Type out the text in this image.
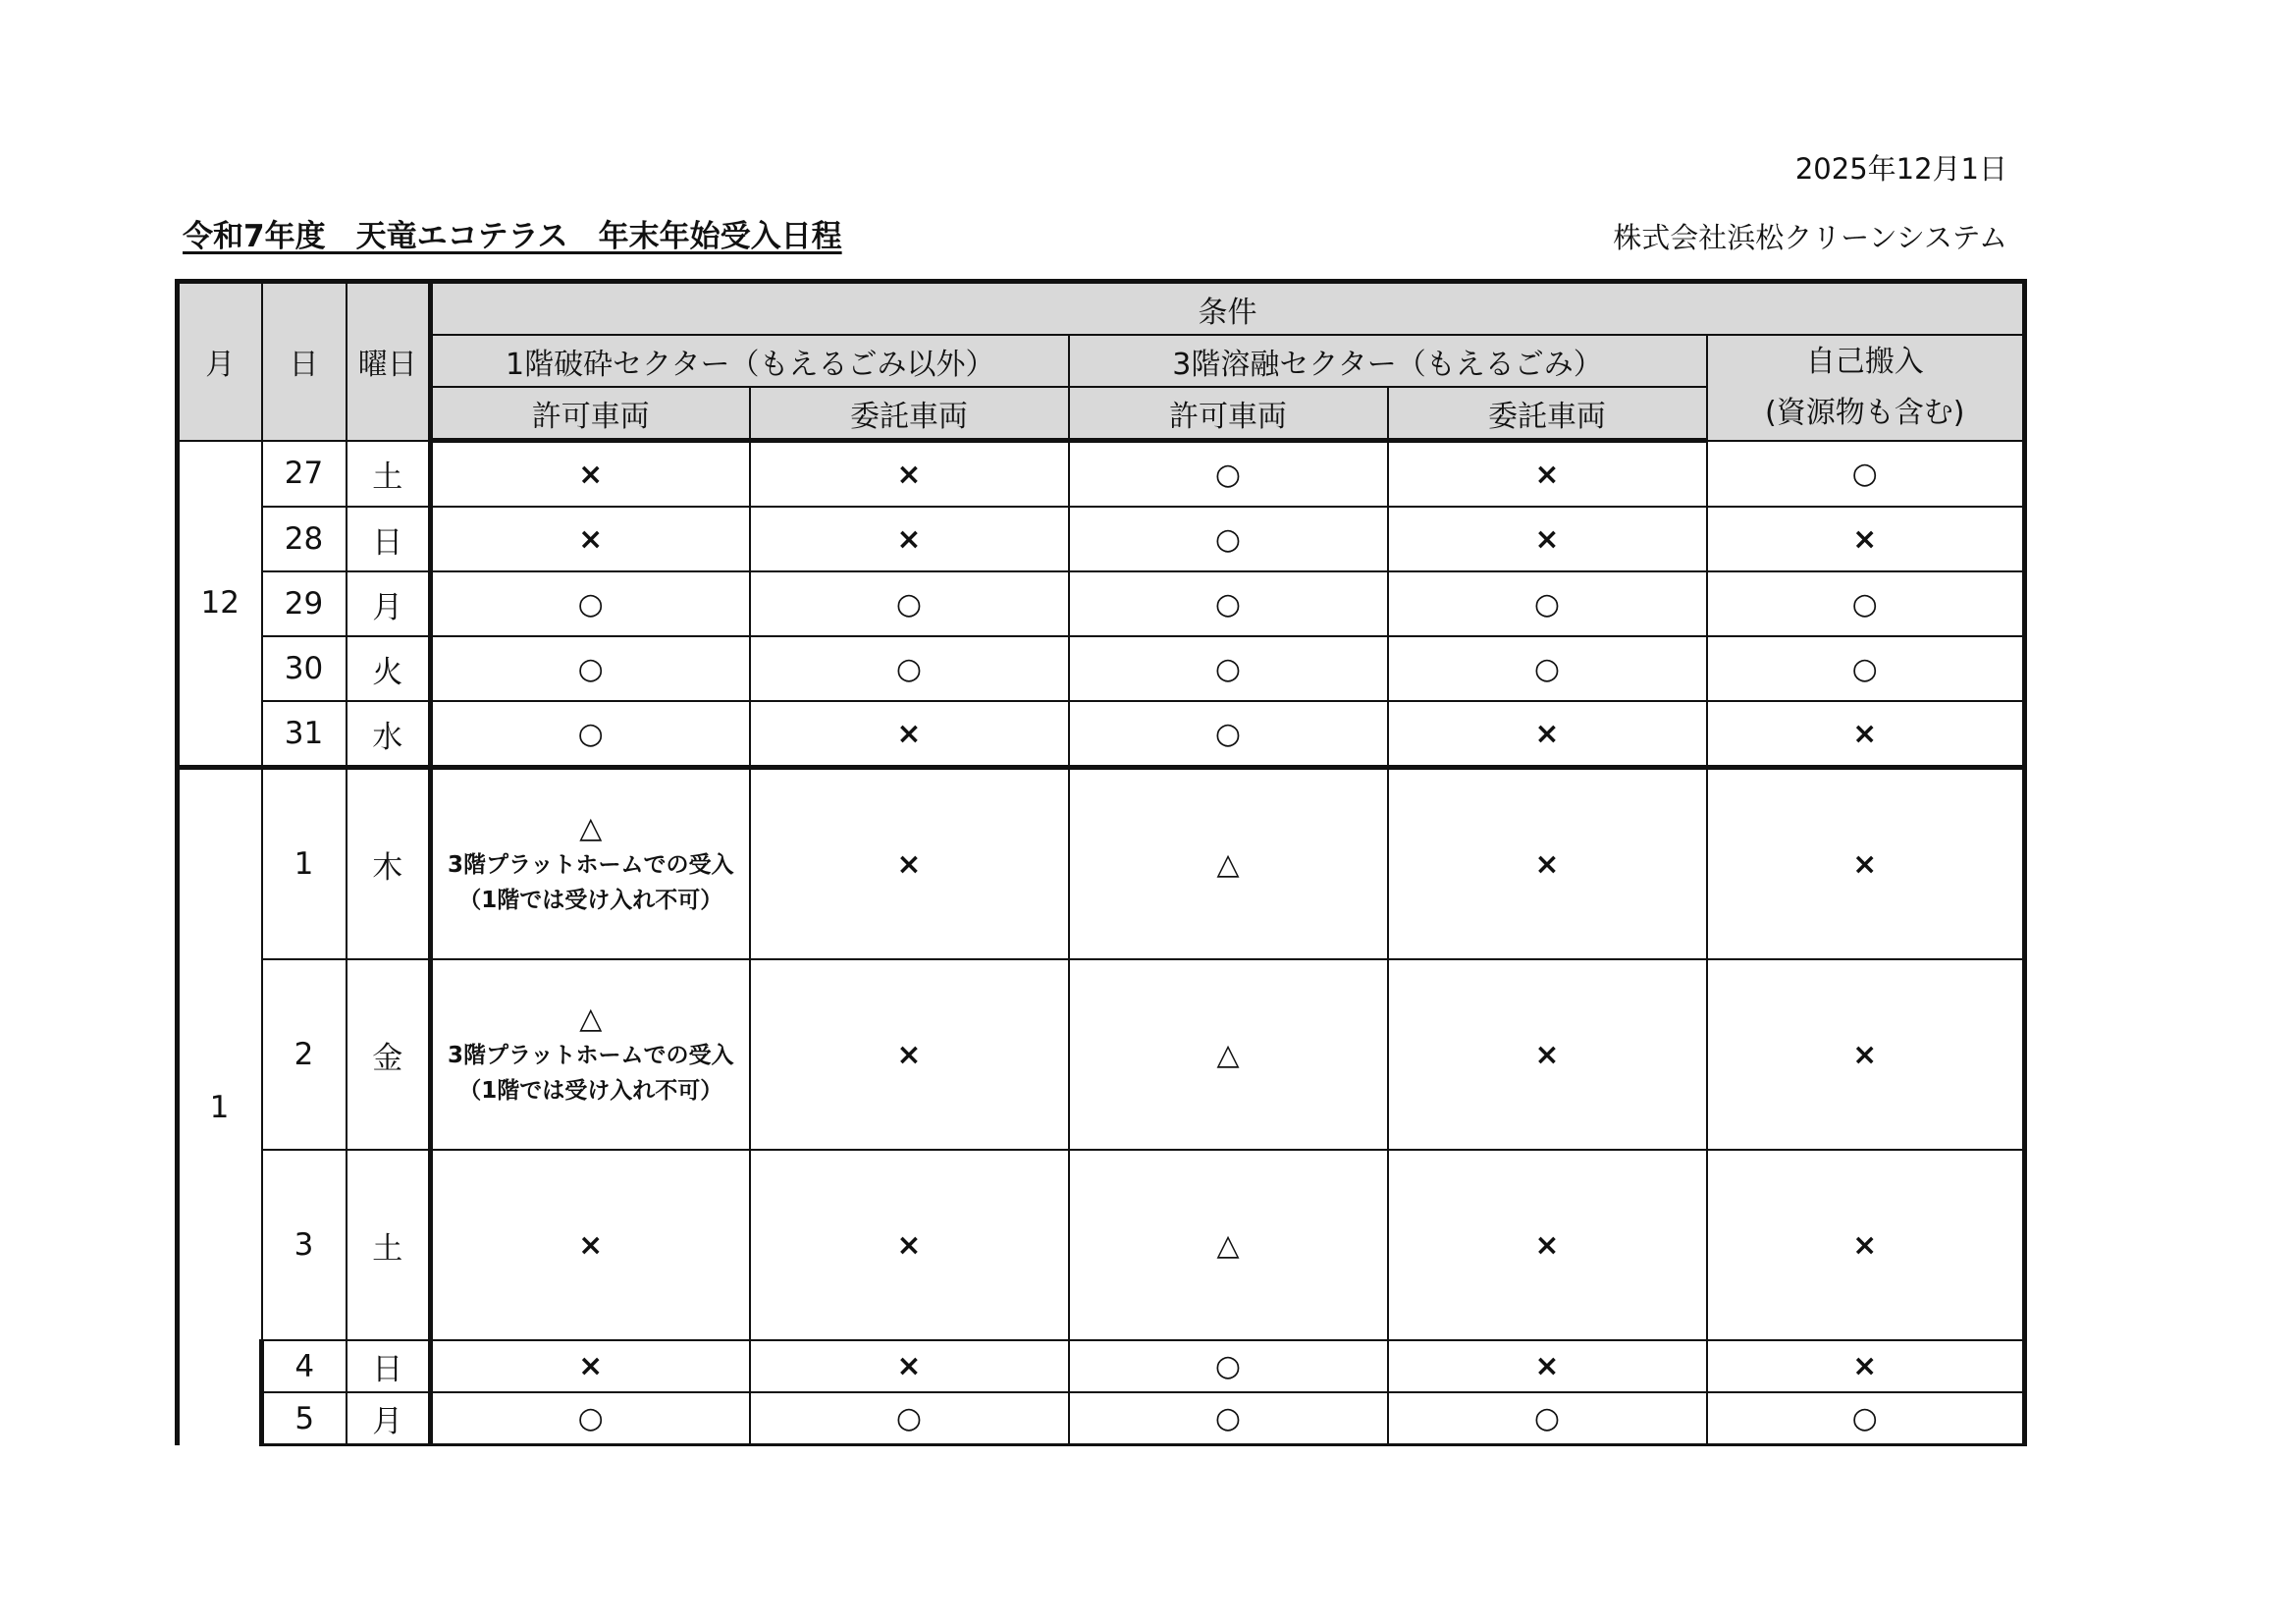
2025年12月1日
令和7年度　天竜エコテラス　年末年始受入日程	株式会社浜松クリーンシステム
月	日	曜日	条件				
			1階破砕セクター（もえるごみ以外）		3階溶融セクター（もえるごみ）		自己搬入
(資源物も含む)
			許可車両	委託車両	許可車両	委託車両	
12	27	土	×	×	○	×	○
	28	日	×	×	○	×	×
	29	月	○	○	○	○	○
	30	火	○	○	○	○	○
	31	水	○	×	○	×	×
1	1	木	△
3階プラットホームでの受入
（1階では受け入れ不可）	×	△	×	×
	2	金	△
3階プラットホームでの受入
（1階では受け入れ不可）	×	△	×	×
	3	土	×	×	△	×	×
	4	日	×	×	○	×	×
	5	月	○	○	○	○	○
